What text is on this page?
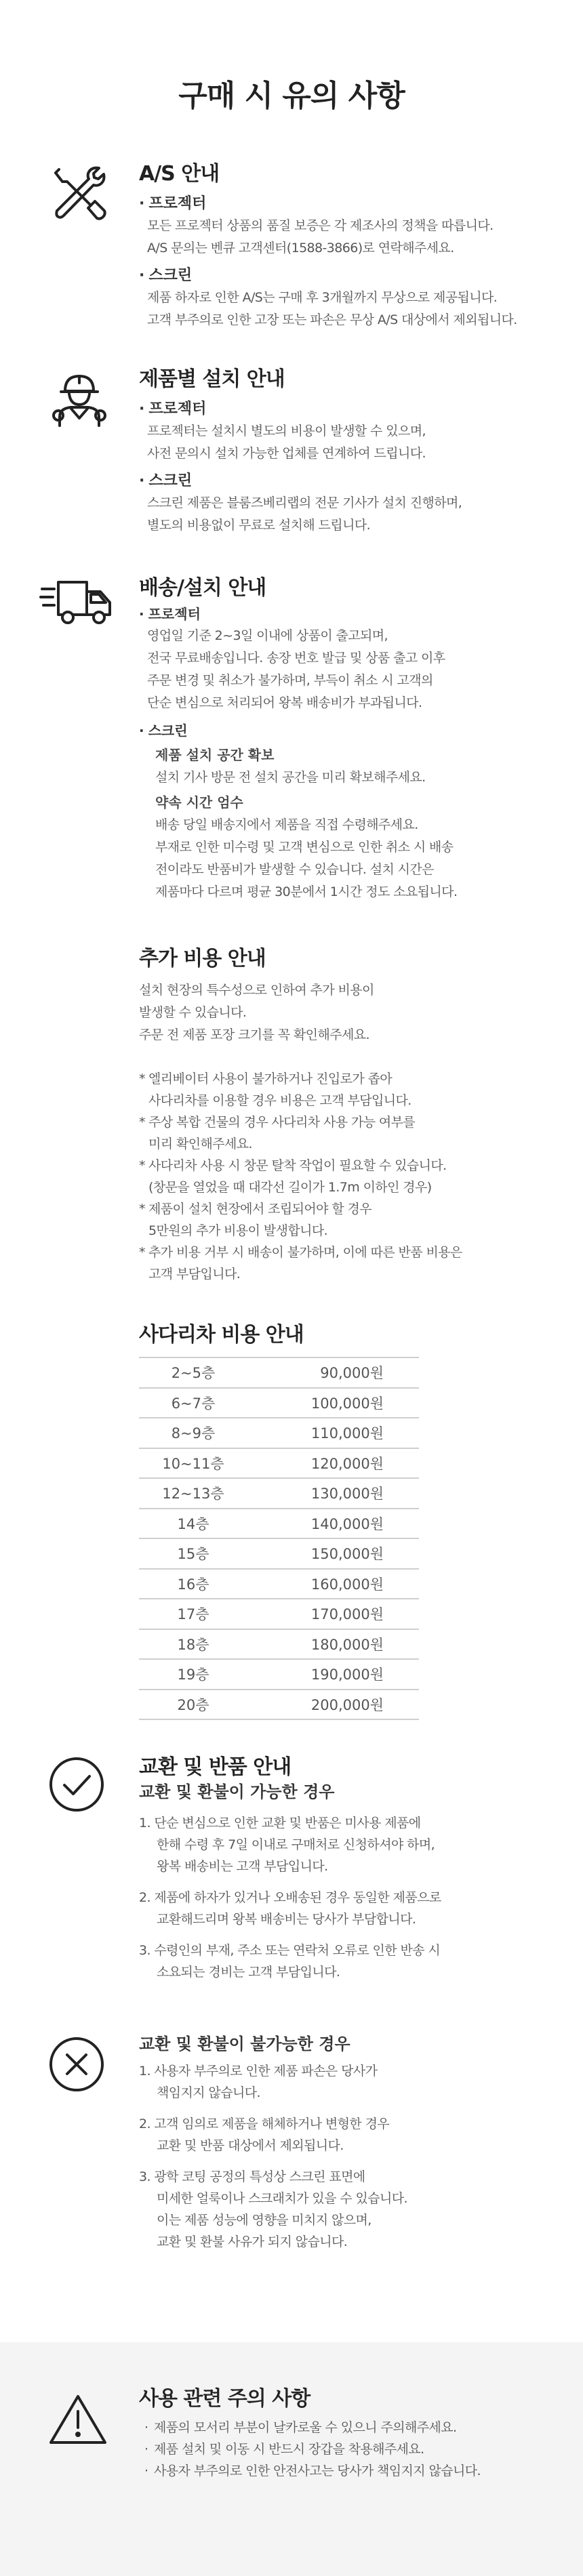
구매 시 유의 사항
A/S 안내
· 프로젝터
모든 프로젝터 상품의 품질 보증은 각 제조사의 정책을 따릅니다.
A/S 문의는 벤큐 고객센터(1588-3866)로 연락해주세요.
· 스크린
제품 하자로 인한 A/S는 구매 후 3개월까지 무상으로 제공됩니다.
고객 부주의로 인한 고장 또는 파손은 무상 A/S 대상에서 제외됩니다.
제품별 설치 안내
· 프로젝터
프로젝터는 설치시 별도의 비용이 발생할 수 있으며,
사전 문의시 설치 가능한 업체를 연계하여 드립니다.
· 스크린
스크린 제품은 블룸즈베리랩의 전문 기사가 설치 진행하며,
별도의 비용없이 무료로 설치해 드립니다.
배송/설치 안내
· 프로젝터
영업일 기준 2~3일 이내에 상품이 출고되며,
전국 무료배송입니다. 송장 번호 발급 및 상품 출고 이후
주문 변경 및 취소가 불가하며, 부득이 취소 시 고객의
단순 변심으로 처리되어 왕복 배송비가 부과됩니다.
· 스크린
제품 설치 공간 확보
설치 기사 방문 전 설치 공간을 미리 확보해주세요.
약속 시간 엄수
배송 당일 배송지에서 제품을 직접 수령해주세요.
부재로 인한 미수령 및 고객 변심으로 인한 취소 시 배송
전이라도 반품비가 발생할 수 있습니다. 설치 시간은
제품마다 다르며 평균 30분에서 1시간 정도 소요됩니다.
추가 비용 안내
설치 현장의 특수성으로 인하여 추가 비용이
발생할 수 있습니다.
주문 전 제품 포장 크기를 꼭 확인해주세요.
* 엘리베이터 사용이 불가하거나 진입로가 좁아
사다리차를 이용할 경우 비용은 고객 부담입니다.
* 주상 복합 건물의 경우 사다리차 사용 가능 여부를
미리 확인해주세요.
* 사다리차 사용 시 창문 탈착 작업이 필요할 수 있습니다.
(창문을 열었을 때 대각선 길이가 1.7m 이하인 경우)
* 제품이 설치 현장에서 조립되어야 할 경우
5만원의 추가 비용이 발생합니다.
* 추가 비용 거부 시 배송이 불가하며, 이에 따른 반품 비용은
고객 부담입니다.
사다리차 비용 안내
2~5층	90,000원
6~7층	100,000원
8~9층	110,000원
10~11층	120,000원
12~13층	130,000원
14층	140,000원
15층	150,000원
16층	160,000원
17층	170,000원
18층	180,000원
19층	190,000원
20층	200,000원
교환 및 반품 안내
교환 및 환불이 가능한 경우
1. 단순 변심으로 인한 교환 및 반품은 미사용 제품에
한해 수령 후 7일 이내로 구매처로 신청하셔야 하며,
왕복 배송비는 고객 부담입니다.
2. 제품에 하자가 있거나 오배송된 경우 동일한 제품으로
교환해드리며 왕복 배송비는 당사가 부담합니다.
3. 수령인의 부재, 주소 또는 연락처 오류로 인한 반송 시
소요되는 경비는 고객 부담입니다.
교환 및 환불이 불가능한 경우
1. 사용자 부주의로 인한 제품 파손은 당사가
책임지지 않습니다.
2. 고객 임의로 제품을 해체하거나 변형한 경우
교환 및 반품 대상에서 제외됩니다.
3. 광학 코팅 공정의 특성상 스크린 표면에
미세한 얼룩이나 스크래치가 있을 수 있습니다.
이는 제품 성능에 영향을 미치지 않으며,
교환 및 환불 사유가 되지 않습니다.
사용 관련 주의 사항
· 제품의 모서리 부분이 날카로울 수 있으니 주의해주세요.
· 제품 설치 및 이동 시 반드시 장갑을 착용해주세요.
· 사용자 부주의로 인한 안전사고는 당사가 책임지지 않습니다.
